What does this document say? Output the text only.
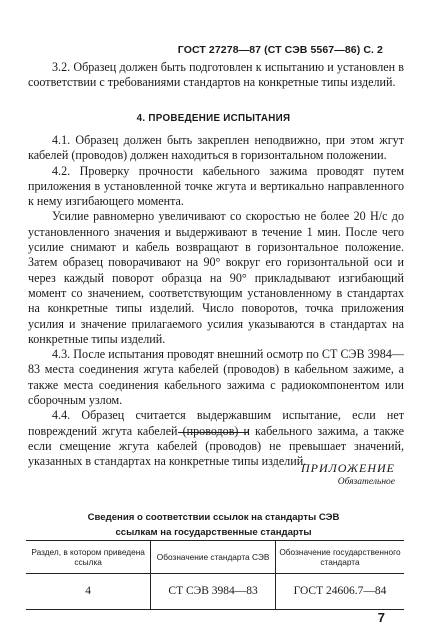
ГОСТ 27278—87 (СТ СЭВ 5567—86) С. 2

3.2. Образец должен быть подготовлен к испытанию и установлен в соответствии с требованиями стандартов на конкретные типы изделий.

4. ПРОВЕДЕНИЕ ИСПЫТАНИЯ

4.1. Образец должен быть закреплен неподвижно, при этом жгут кабелей (проводов) должен находиться в горизонтальном положении.

4.2. Проверку прочности кабельного зажима проводят путем приложения в установленной точке жгута и вертикально направленного к нему изгибающего момента.

Усилие равномерно увеличивают со скоростью не более 20 Н/с до установленного значения и выдерживают в течение 1 мин. После чего усилие снимают и кабель возвращают в горизонтальное положение. Затем образец поворачивают на 90° вокруг его горизонтальной оси и через каждый поворот образца на 90° прикладывают изгибающий момент со значением, соответствующим установленному в стандартах на конкретные типы изделий. Число поворотов, точка приложения усилия и значение прилагаемого усилия указываются в стандартах на конкретные типы изделий.

4.3. После испытания проводят внешний осмотр по СТ СЭВ 3984—83 места соединения жгута кабелей (проводов) в кабельном зажиме, а также места соединения кабельного зажима с радиокомпонентом или сборочным узлом.

4.4. Образец считается выдержавшим испытание, если нет повреждений жгута кабелей (проводов) и кабельного зажима, а также если смещение жгута кабелей (проводов) не превышает значений, указанных в стандартах на конкретные типы изделий.

ПРИЛОЖЕНИЕ
Обязательное
Сведения о соответствии ссылок на стандарты СЭВ
ссылкам на государственные стандарты
Раздел, в котором приведена ссылка	Обозначение стандарта СЭВ	Обозначение государственного стандарта
4	СТ СЭВ 3984—83	ГОСТ 24606.7—84
7
